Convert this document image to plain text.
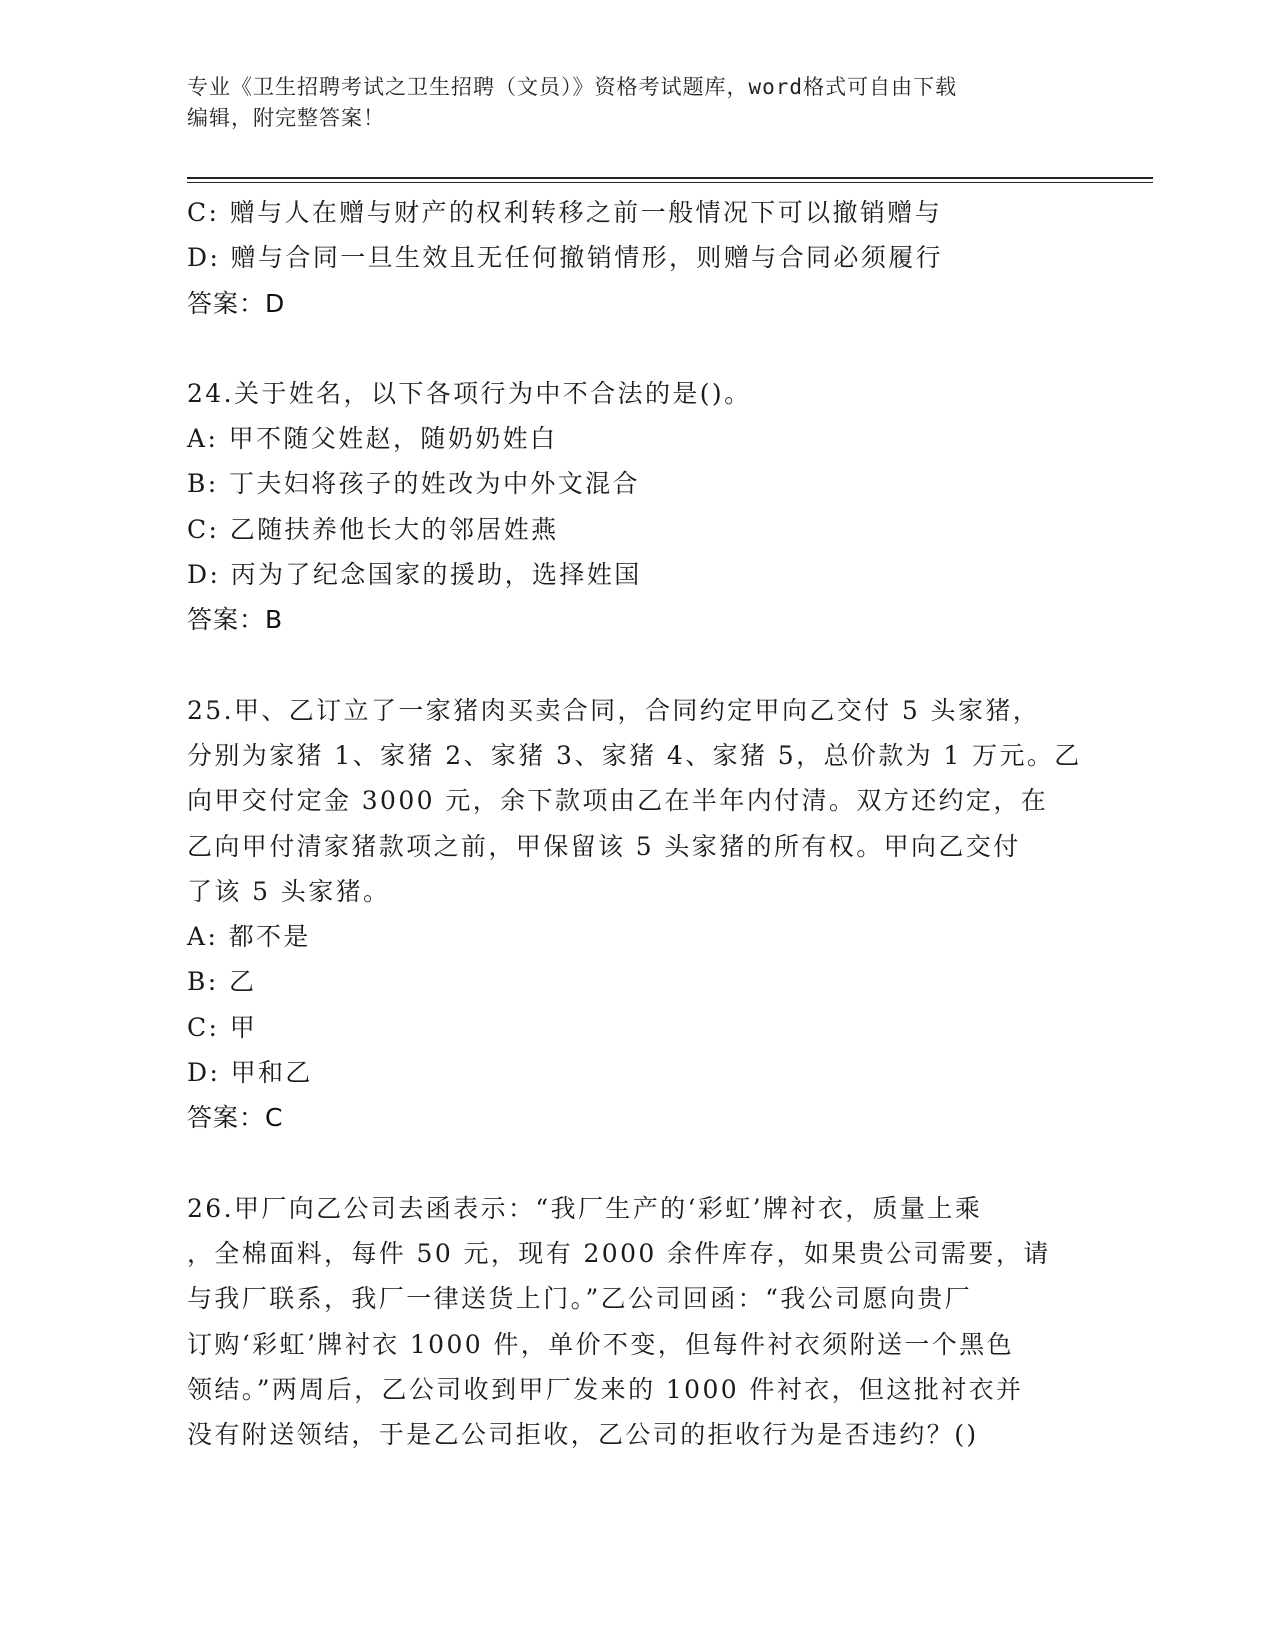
专业《卫生招聘考试之卫生招聘（文员）》资格考试题库，word格式可自由下载
编辑，附完整答案！
C: 赠与人在赠与财产的权利转移之前一般情况下可以撤销赠与
D: 赠与合同一旦生效且无任何撤销情形，则赠与合同必须履行
答案：D
24.关于姓名，以下各项行为中不合法的是()。
A: 甲不随父姓赵，随奶奶姓白
B: 丁夫妇将孩子的姓改为中外文混合
C: 乙随扶养他长大的邻居姓燕
D: 丙为了纪念国家的援助，选择姓国
答案：B
25.甲、乙订立了一家猪肉买卖合同，合同约定甲向乙交付 5 头家猪，
分别为家猪 1、家猪 2、家猪 3、家猪 4、家猪 5，总价款为 1 万元。乙
向甲交付定金 3000 元，余下款项由乙在半年内付清。双方还约定，在
乙向甲付清家猪款项之前，甲保留该 5 头家猪的所有权。甲向乙交付
了该 5 头家猪。
A: 都不是
B: 乙
C: 甲
D: 甲和乙
答案：C
26.甲厂向乙公司去函表示：“我厂生产的‘彩虹’牌衬衣，质量上乘
，全棉面料，每件 50 元，现有 2000 余件库存，如果贵公司需要，请
与我厂联系，我厂一律送货上门。”乙公司回函：“我公司愿向贵厂
订购‘彩虹’牌衬衣 1000 件，单价不变，但每件衬衣须附送一个黑色
领结。”两周后，乙公司收到甲厂发来的 1000 件衬衣，但这批衬衣并
没有附送领结，于是乙公司拒收，乙公司的拒收行为是否违约？()
